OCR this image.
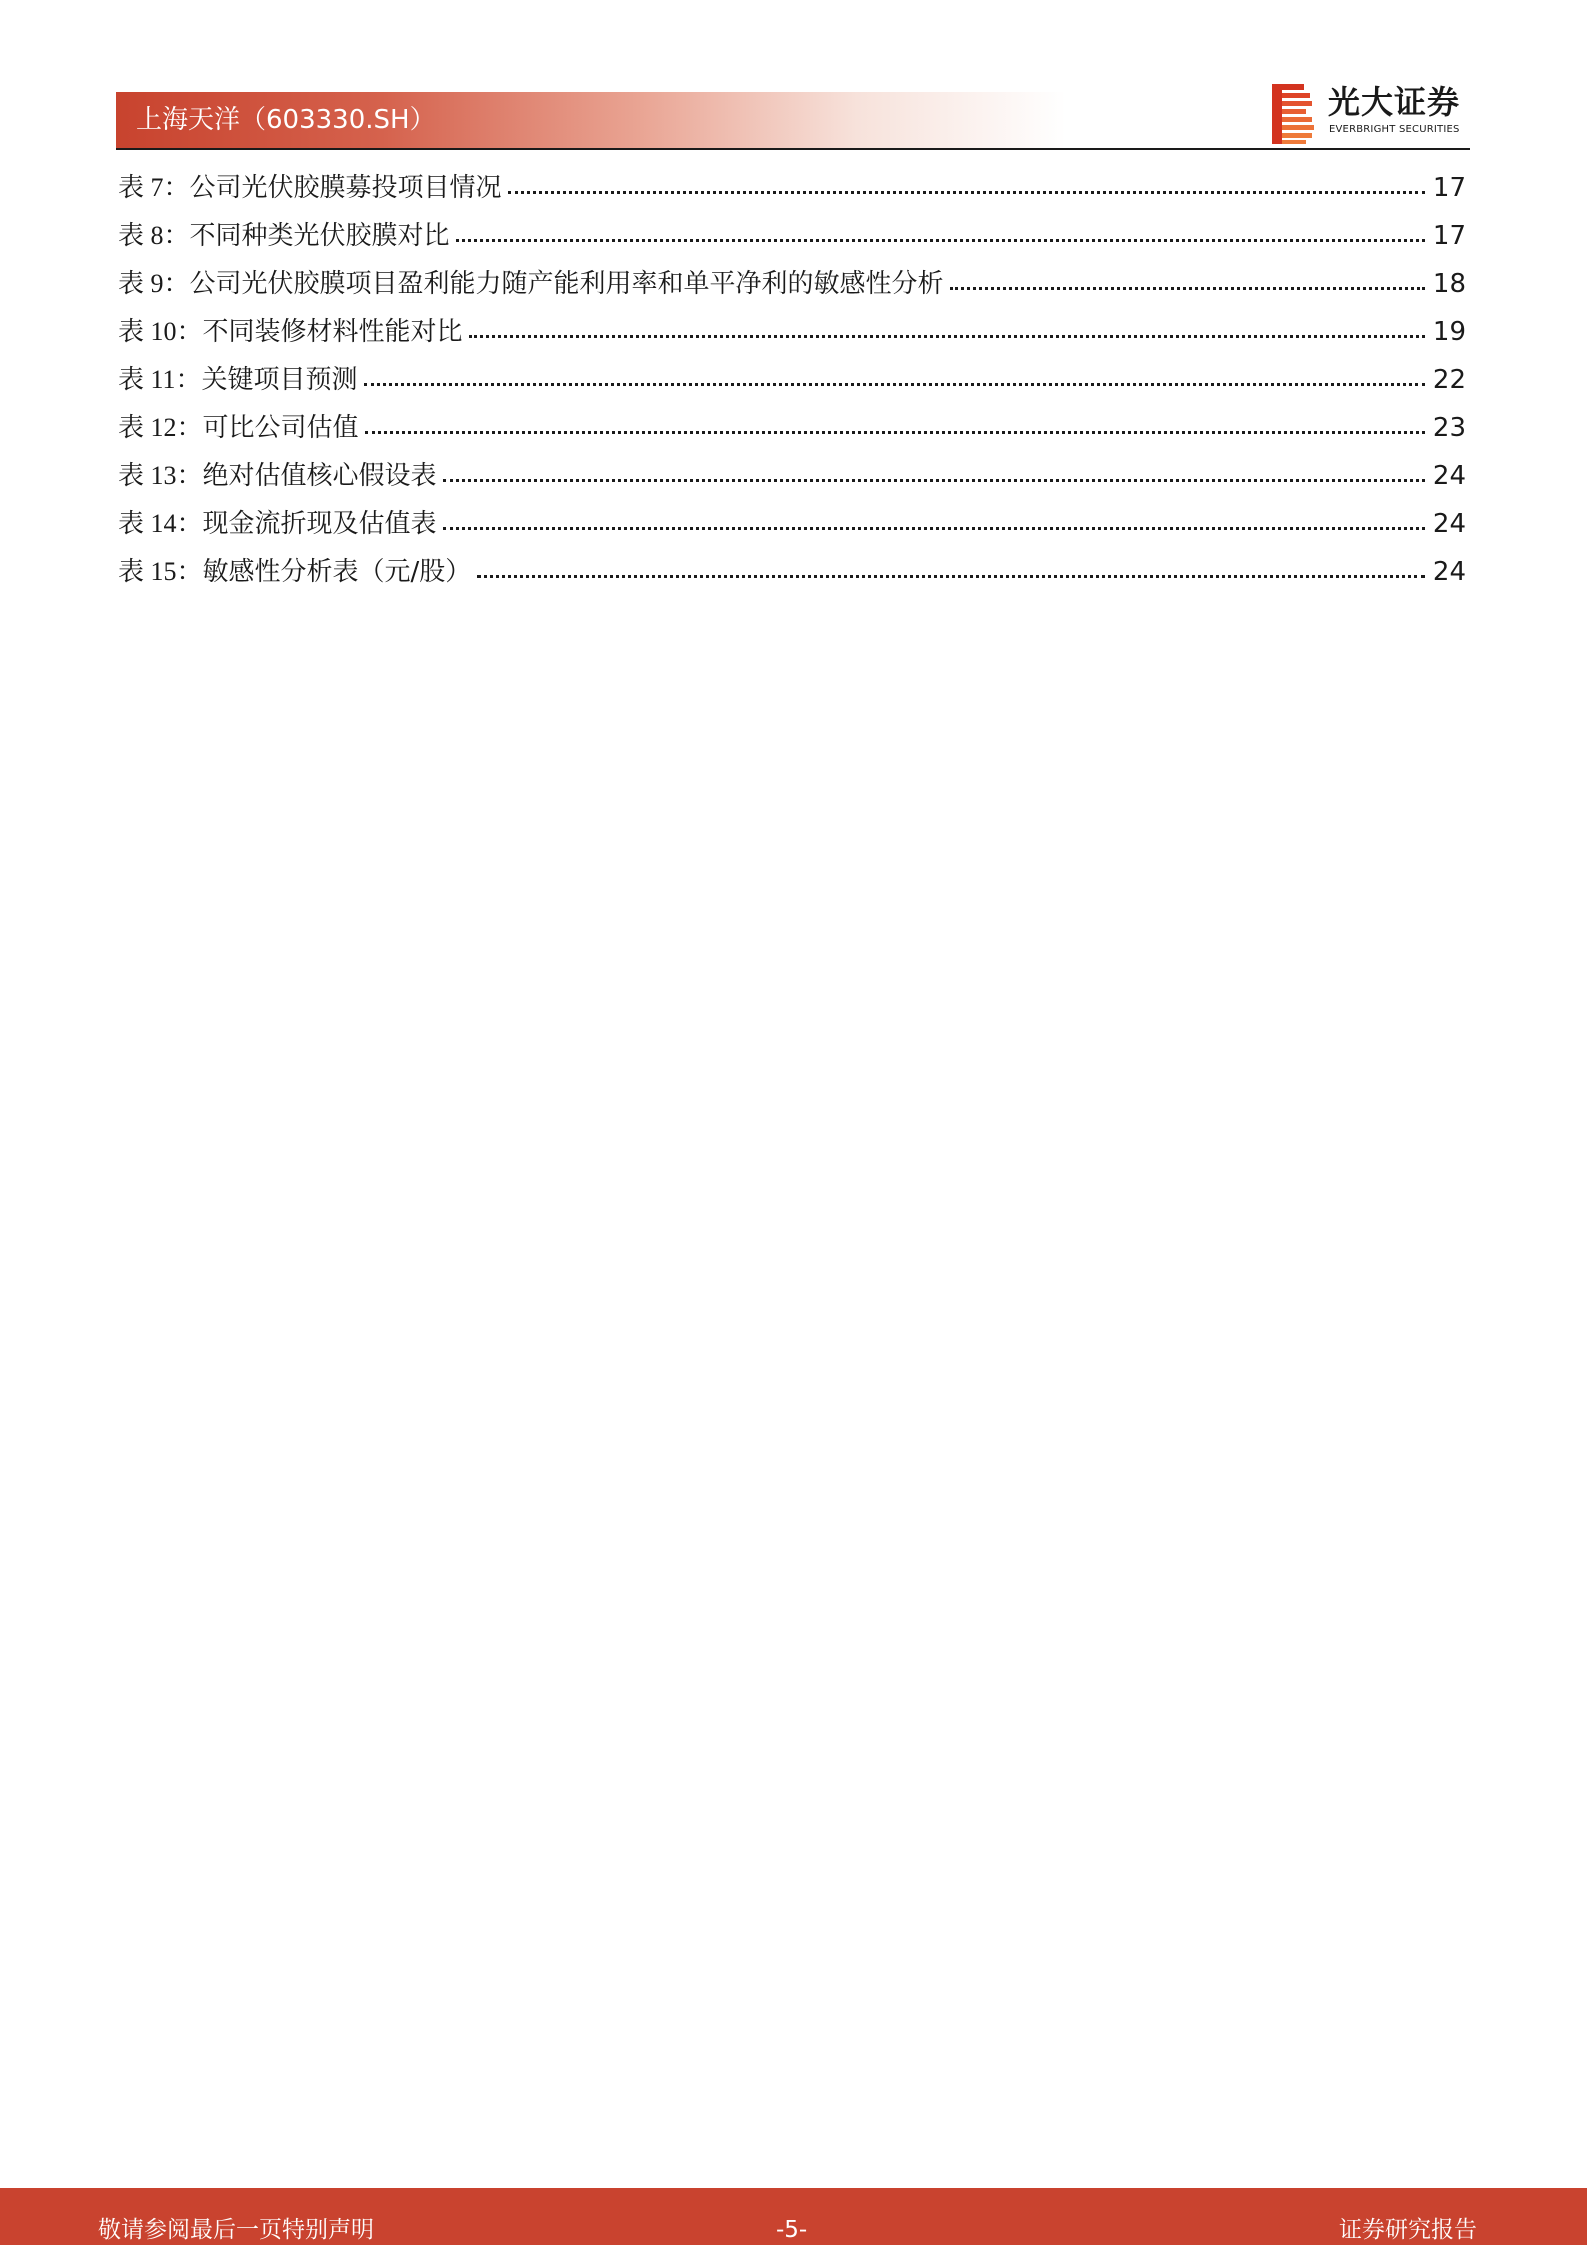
上海天洋（603330.SH）	光大证券
EVERBRIGHT SECURITIES
表 7： 公司光伏胶膜募投项目情况	17
表 8： 不同种类光伏胶膜对比	17
表 9： 公司光伏胶膜项目盈利能力随产能利用率和单平净利的敏感性分析	18
表 10： 不同装修材料性能对比	19
表 11： 关键项目预测	22
表 12： 可比公司估值	23
表 13： 绝对估值核心假设表	24
表 14： 现金流折现及估值表	24
表 15： 敏感性分析表（元/股）	24
敬请参阅最后一页特别声明	-5-	证券研究报告
